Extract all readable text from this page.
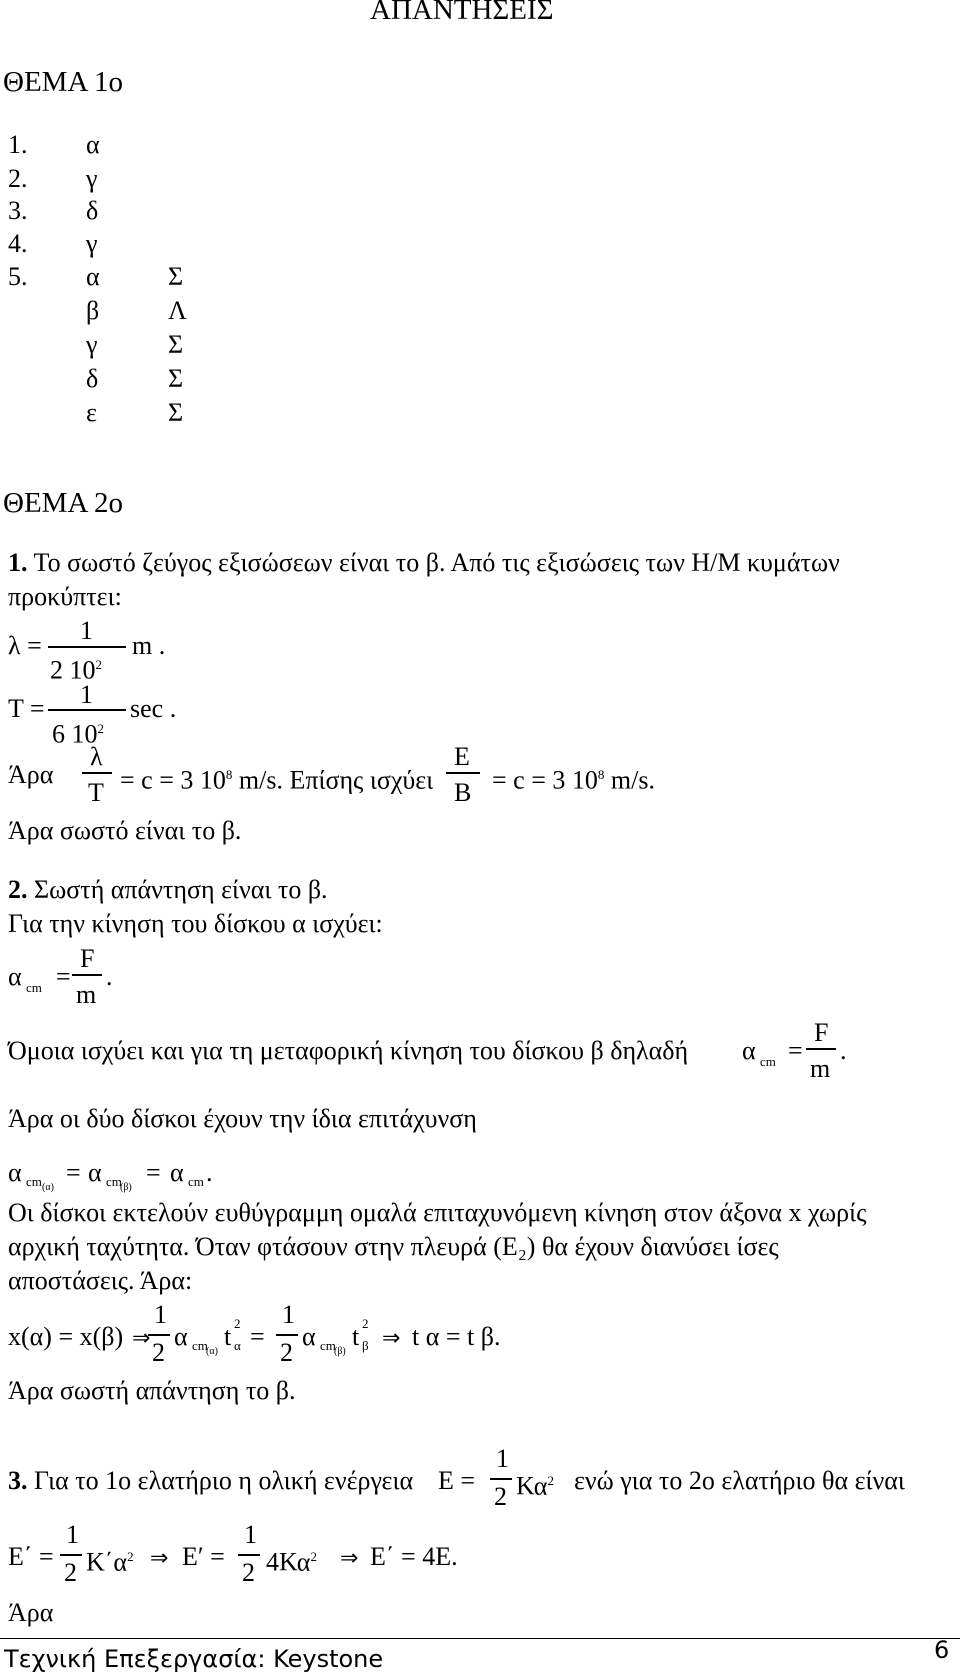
ΑΠΑΝΤΗΣΕΙΣ
ΘΕΜΑ 1ο
1. α
2. γ
3. δ
4. γ
5. α	Σ
β	Λ
γ	Σ
δ	Σ
ε	Σ
ΘΕΜΑ 2ο
1. Το σωστό ζεύγος εξισώσεων είναι το β. Από τις εξισώσεις των Η/Μ κυμάτων
προκύπτει:
λ =
1
2 $10^2$
m .
T = 1
6 $10^2$
sec .
Άρα
λ
T = c = 3 $10^8$ m/s. Επίσης ισχύει
E
B = c = 3 $10^8$ m/s.
Άρα σωστό είναι το β.
2. Σωστή απάντηση είναι το β.
Για την κίνηση του δίσκου α ισχύει:
α cm =
F
m
.
Όμοια ισχύει και για τη μεταφορική κίνηση του δίσκου β δηλαδή α cm =
F
m
.
Άρα οι δύο δίσκοι έχουν την ίδια επιτάχυνση
α cm (α)
= α cm
(β)
= α cm .
Οι δίσκοι εκτελούν ευθύγραμμη ομαλά επιταχυνόμενη κίνηση στον άξονα x χωρίς
αρχική ταχύτητα. Όταν φτάσουν στην πλευρά (Ε₂) θα έχουν διανύσει ίσες
αποστάσεις. Άρα:
x(α) = x(β) ⇒
1
2
α cm
(α)
t 2
α =
1
2
α cm
(β)
t 2
β ⇒ t α = t β.
Άρα σωστή απάντηση το β.
3. Για το 1ο ελατήριο η ολική ενέργεια E =
1
2 $K\alpha^2$ ενώ για το 2ο ελατήριο θα είναι
E΄ =
1
2 $K΄\alpha^2$ ⇒ E′ =
1
2 $4K\alpha^2$ ⇒ E΄ = 4E.
Άρα
Τεχνική Επεξεργασία: Keystone	6
